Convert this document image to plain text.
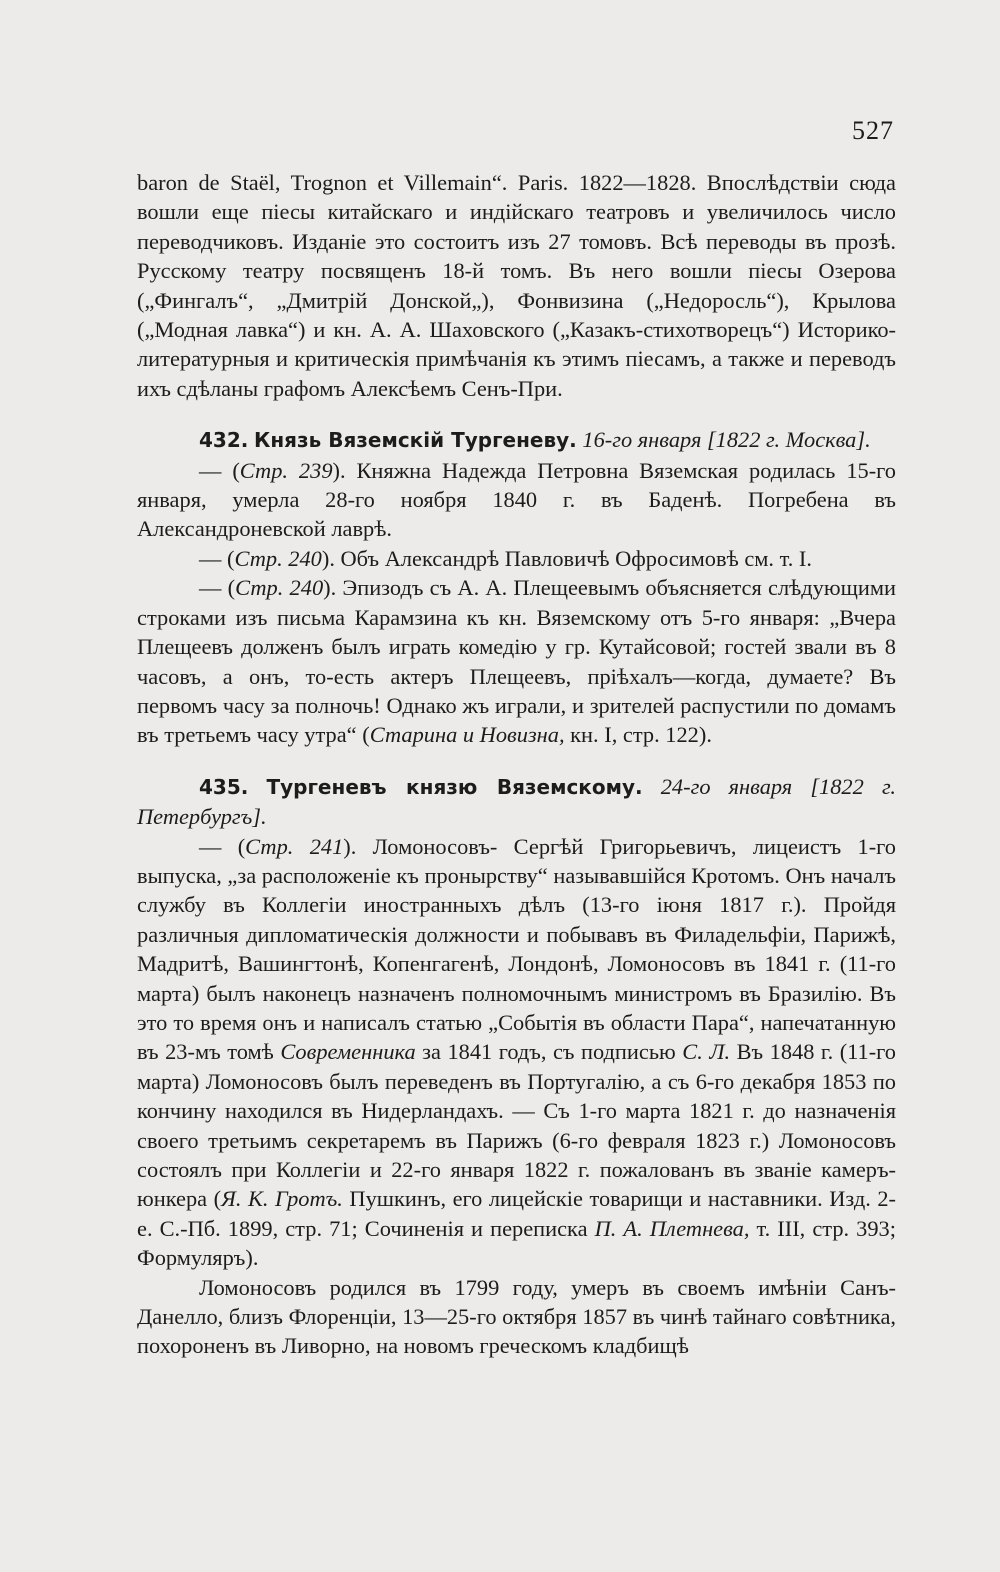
527

baron de Staël, Trognon et Villemain“. Paris. 1822—1828. Впослѣдствіи сюда вошли еще піесы китайскаго и индійскаго театровъ и увеличилось число переводчиковъ. Изданіе это состоитъ изъ 27 томовъ. Всѣ переводы въ прозѣ. Русскому театру посвященъ 18-й томъ. Въ него вошли піесы Озерова („Фингалъ“, „Дмитрій Донской„), Фонвизина („Недоросль“), Крылова („Модная лавка“) и кн. А. А. Шаховского („Казакъ-стихотворецъ“) Историко-литературныя и критическія примѣчанія къ этимъ піесамъ, а также и переводъ ихъ сдѣланы графомъ Алексѣемъ Сенъ-При.

432. Князь Вяземскій Тургеневу. 16-го января [1822 г. Москва].

— (Стр. 239). Княжна Надежда Петровна Вяземская родилась 15-го января, умерла 28-го ноября 1840 г. въ Баденѣ. Погребена въ Александроневской лаврѣ.

— (Стр. 240). Объ Александрѣ Павловичѣ Офросимовѣ см. т. I.

— (Стр. 240). Эпизодъ съ А. А. Плещеевымъ объясняется слѣдующими строками изъ письма Карамзина къ кн. Вяземскому отъ 5-го января: „Вчера Плещеевъ долженъ былъ играть комедію у гр. Кутайсовой; гостей звали въ 8 часовъ, а онъ, то-есть актеръ Плещеевъ, пріѣхалъ—когда, думаете? Въ первомъ часу за полночь! Однако жъ играли, и зрителей распустили по домамъ въ третьемъ часу утра“ (Старина и Новизна, кн. I, стр. 122).

435. Тургеневъ князю Вяземскому. 24-го января [1822 г. Петербургъ].

— (Стр. 241). Ломоносовъ- Сергѣй Григорьевичъ, лицеистъ 1-го выпуска, „за расположеніе къ пронырству“ называвшійся Кротомъ. Онъ началъ службу въ Коллегіи иностранныхъ дѣлъ (13-го іюня 1817 г.). Пройдя различныя дипломатическія должности и побывавъ въ Филадельфіи, Парижѣ, Мадритѣ, Вашингтонѣ, Копенгагенѣ, Лондонѣ, Ломоносовъ въ 1841 г. (11-го марта) былъ наконецъ назначенъ полномочнымъ министромъ въ Бразилію. Въ это то время онъ и написалъ статью „Событія въ области Пара“, напечатанную въ 23-мъ томѣ Современника за 1841 годъ, съ подписью С. Л. Въ 1848 г. (11-го марта) Ломоносовъ былъ переведенъ въ Португалію, а съ 6-го декабря 1853 по кончину находился въ Нидерландахъ. — Съ 1-го марта 1821 г. до назначенія своего третьимъ секретаремъ въ Парижъ (6-го февраля 1823 г.) Ломоносовъ состоялъ при Коллегіи и 22-го января 1822 г. пожалованъ въ званіе камеръ-юнкера (Я. К. Гротъ. Пушкинъ, его лицейскіе товарищи и наставники. Изд. 2-е. С.-Пб. 1899, стр. 71; Сочиненія и переписка П. А. Плетнева, т. III, стр. 393; Формуляръ).

Ломоносовъ родился въ 1799 году, умеръ въ своемъ имѣніи Санъ-Данелло, близъ Флоренціи, 13—25-го октября 1857 въ чинѣ тайнаго совѣтника, похороненъ въ Ливорно, на новомъ греческомъ кладбищѣ
